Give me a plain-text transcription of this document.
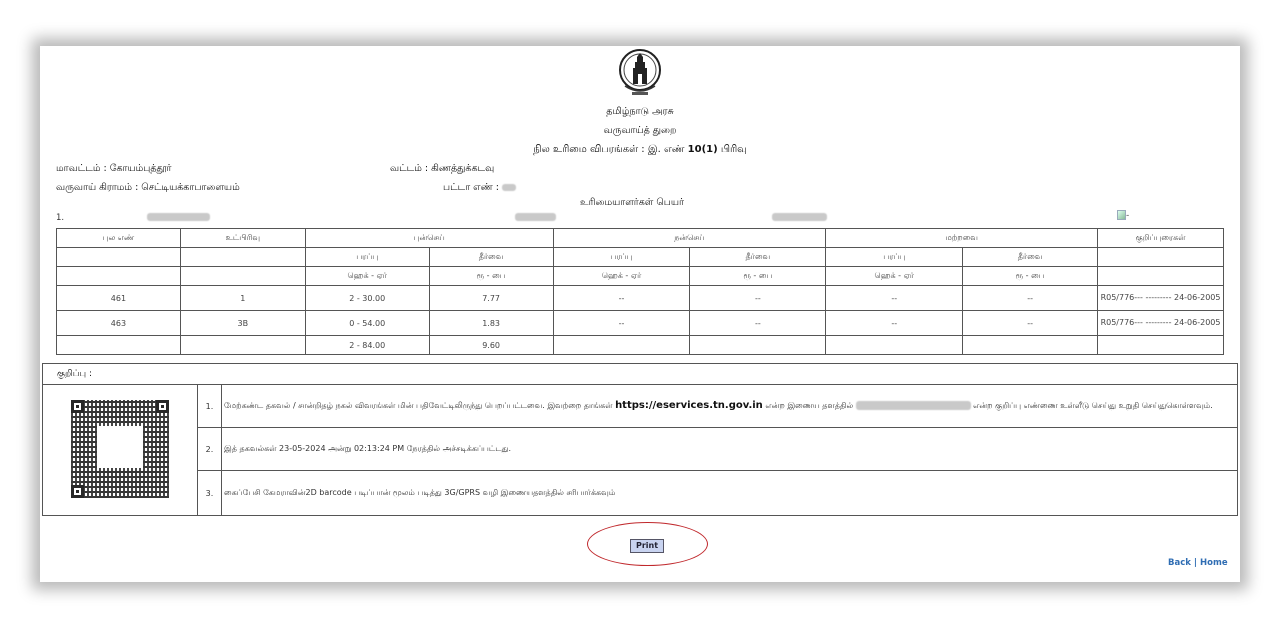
தமிழ்நாடு அரசு
வருவாய்த் துறை
நில உரிமை விபரங்கள் : இ. எண் 10(1) பிரிவு
மாவட்டம் : கோயம்புத்தூர்	வட்டம் : கிணத்துக்கடவு
வருவாய் கிராமம் : செட்டியக்காபாளையம்	பட்டா எண் :
உரிமையாளர்கள் பெயர்
1.	-
புல எண்	உட்பிரிவு	புன்செய்		நன்செய்		மற்றவை		குறிப்புரைகள்
		பரப்பு	தீர்வை	பரப்பு	தீர்வை	பரப்பு	தீர்வை	
		ஹெக் - ஏர்	ரூ - பை	ஹெக் - ஏர்	ரூ - பை	ஹெக் - ஏர்	ரூ - பை	
461	1	2 - 30.00	7.77	--	--	--	--	R05/776--- --------- 24-06-2005
463	3B	0 - 54.00	1.83	--	--	--	--	R05/776--- --------- 24-06-2005
		2 - 84.00	9.60					
குறிப்பு :		

	1.	மேற்கண்ட தகவல் / சான்றிதழ் நகல் விவரங்கள் மின் பதிவேட்டிலிருந்து பெறப்பட்டவை. இவற்றை தாங்கள் https://eservices.tn.gov.in என்ற இணைய தளத்தில் என்ற குறிப்பு எண்ணை உள்ளீடு செய்து உறுதி செய்துகொள்ளவும்.
	2.	இத் தகவல்கள் 23-05-2024 அன்று 02:13:24 PM நேரத்தில் அச்சடிக்கப்பட்டது.
	3.	கைப்பேசி கேமராவின்2D barcode படிப்பான் மூலம் படித்து 3G/GPRS வழி இணையதளத்தில் சரிபார்க்கவும்
Print
Back | Home
